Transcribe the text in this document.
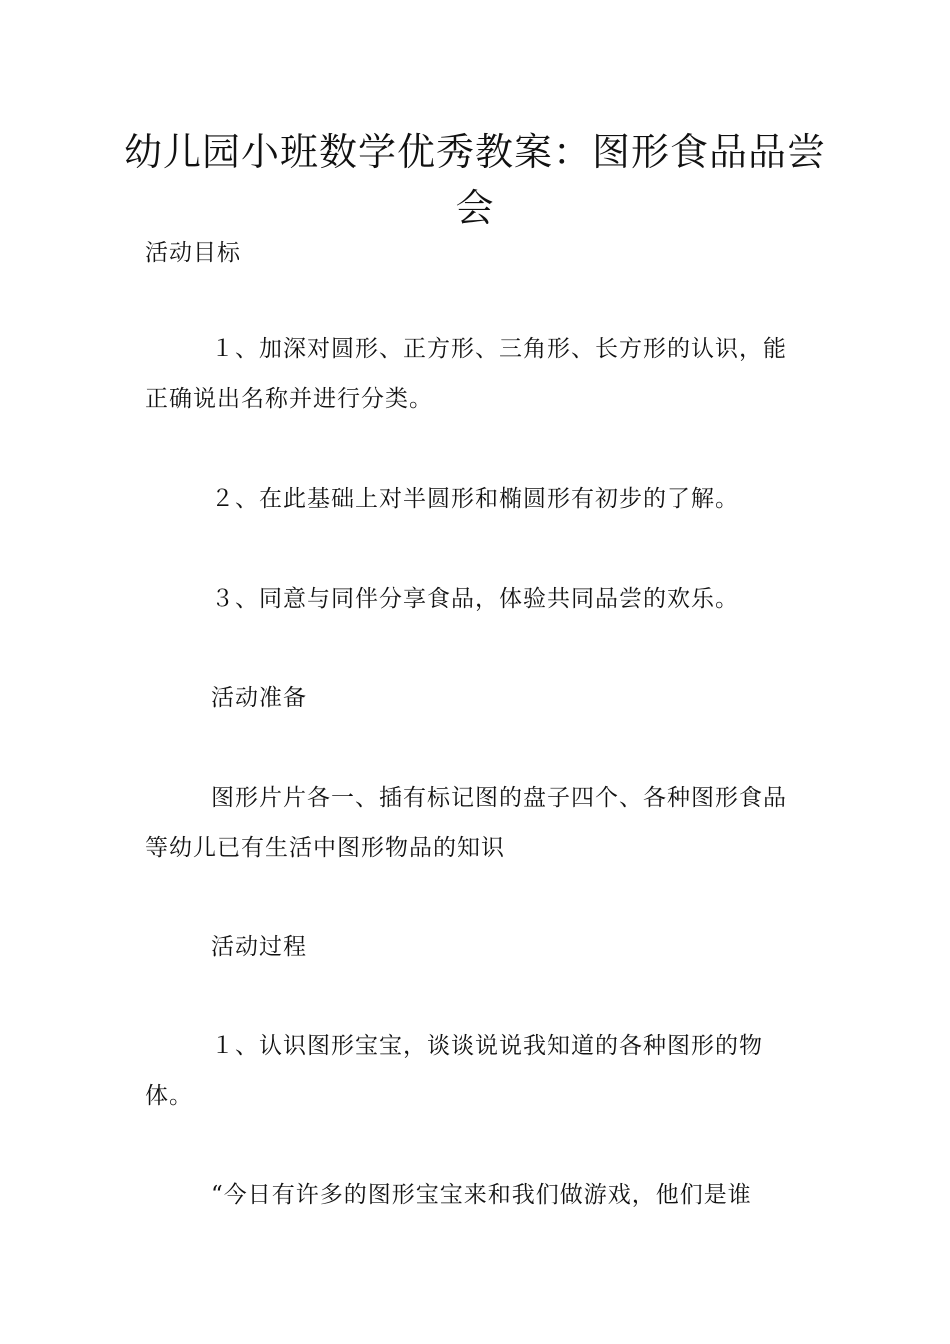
幼儿园小班数学优秀教案：图形食品品尝会

活动目标

１、加深对圆形、正方形、三角形、长方形的认识，能正确说出名称并进行分类。

２、在此基础上对半圆形和椭圆形有初步的了解。

３、同意与同伴分享食品，体验共同品尝的欢乐。

活动准备

图形片片各一、插有标记图的盘子四个、各种图形食品等幼儿已有生活中图形物品的知识

活动过程

１、认识图形宝宝，谈谈说说我知道的各种图形的物体。

“今日有许多的图形宝宝来和我们做游戏，他们是谁
